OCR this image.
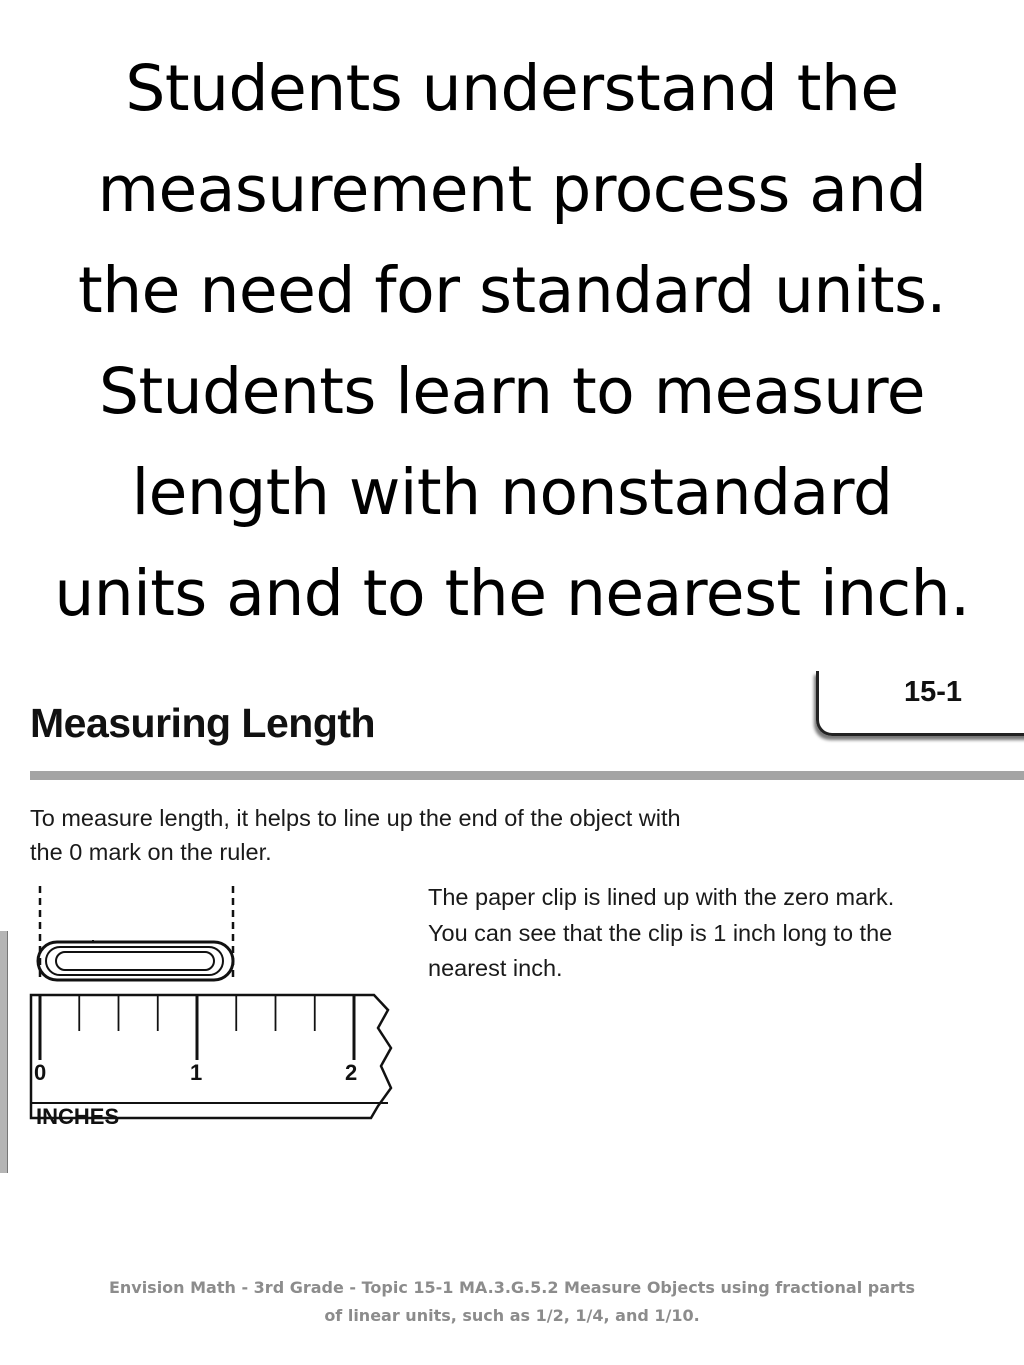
Students understand the
measurement process and
the need for standard units.
Students learn to measure
length with nonstandard
units and to the nearest inch.
15-1
Measuring Length
To measure length, it helps to line up the end of the object with
the 0 mark on the ruler.
The paper clip is lined up with the zero mark.
You can see that the clip is 1 inch long to the
nearest inch.
0	1	2
INCHES
Envision Math - 3rd Grade - Topic 15-1 MA.3.G.5.2 Measure Objects using fractional parts
of linear units, such as 1/2, 1/4, and 1/10.
